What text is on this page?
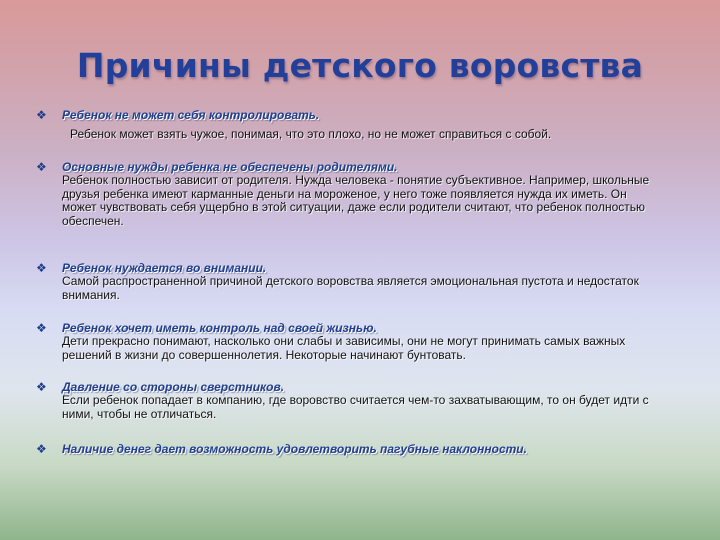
Причины детского воровства
❖ Ребенок не может себя контролировать.
Ребенок может взять чужое, понимая, что это плохо, но не может справиться с собой.
❖ Основные нужды ребенка не обеспечены родителями.
Ребенок полностью зависит от родителя. Нужда человека - понятие субъективное. Например, школьные друзья ребенка имеют карманные деньги на мороженое, у него тоже появляется нужда их иметь. Он может чувствовать себя ущербно в этой ситуации, даже если родители считают, что ребенок полностью обеспечен.
❖ Ребенок нуждается во внимании.
Самой распространенной причиной детского воровства является эмоциональная пустота и недостаток внимания.
❖ Ребенок хочет иметь контроль над своей жизнью.
Дети прекрасно понимают, насколько они слабы и зависимы, они не могут принимать самых важных решений в жизни до совершеннолетия. Некоторые начинают бунтовать.
❖ Давление со стороны сверстников.
Если ребенок попадает в компанию, где воровство считается чем-то захватывающим, то он будет идти с ними, чтобы не отличаться.
❖ Наличие денег дает возможность удовлетворить пагубные наклонности.
